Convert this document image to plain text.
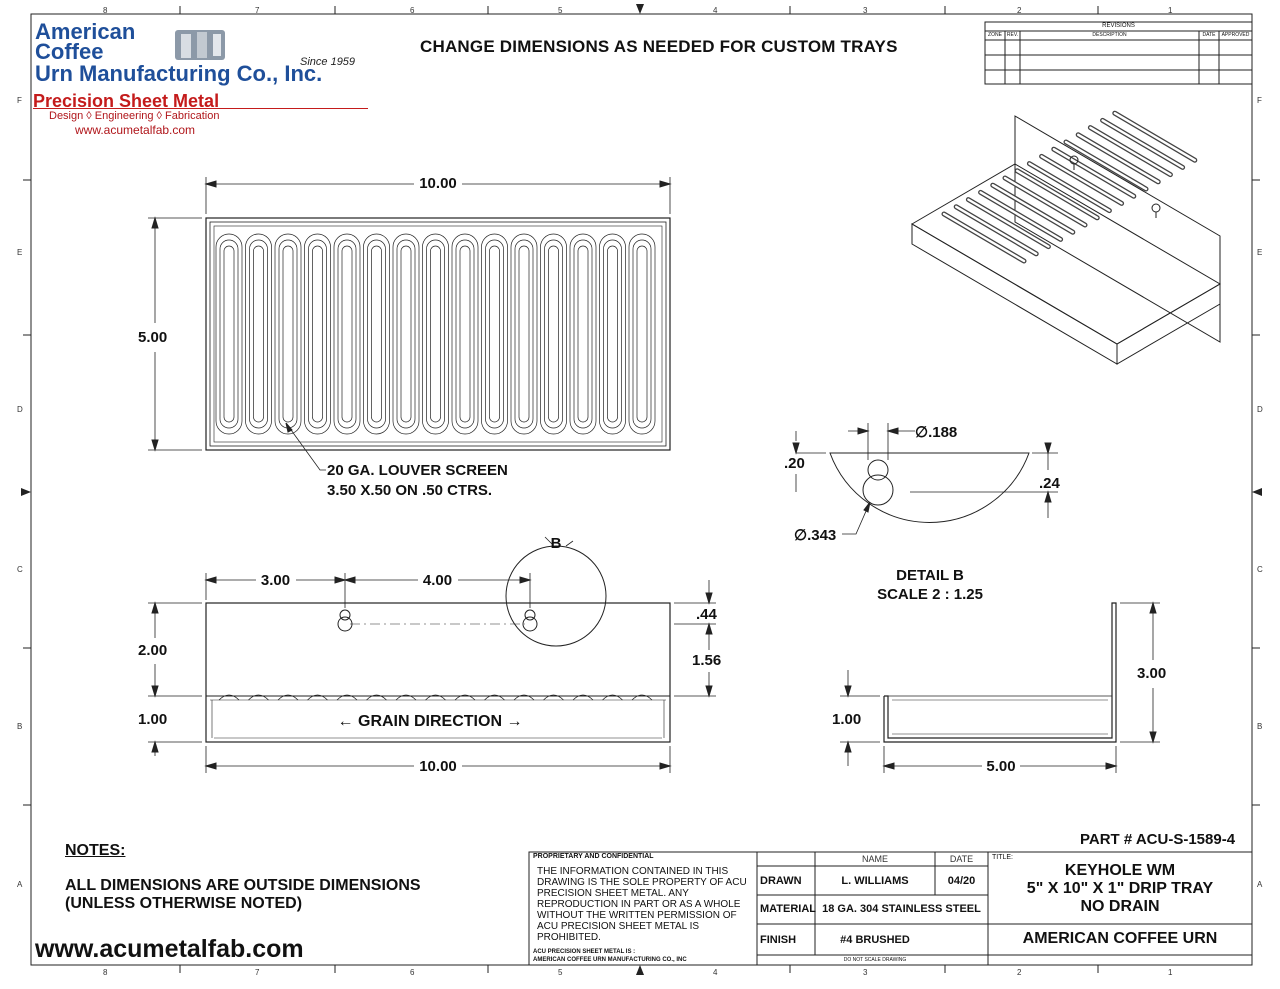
American
Coffee
Urn Manufacturing Co., Inc.
Since 1959
Precision Sheet Metal
Design ◊ Engineering ◊ Fabrication
www.acumetalfab.com
CHANGE DIMENSIONS AS NEEDED FOR CUSTOM TRAYS
8	7	6	5	4	3	2	1
8	7	6	5	4	3	2	1
F
E
D
C
B
A
F
E
D
C
B
A
REVISIONS
ZONE REV.	DESCRIPTION	DATE	APPROVED
10.00
5.00
20 GA. LOUVER SCREEN
3.50 X.50 ON .50 CTRS.
∅.188
.20
.24
∅.343
DETAIL B
SCALE 2 : 1.25
B
3.00	4.00
.44
1.56
2.00
1.00	← GRAIN DIRECTION →
10.00
3.00
1.00
5.00
NOTES:
ALL DIMENSIONS ARE OUTSIDE DIMENSIONS
(UNLESS OTHERWISE NOTED)
www.acumetalfab.com
PART # ACU-S-1589-4
PROPRIETARY AND CONFIDENTIAL
THE INFORMATION CONTAINED IN THIS DRAWING IS THE SOLE PROPERTY OF ACU PRECISION SHEET METAL. ANY REPRODUCTION IN PART OR AS A WHOLE WITHOUT THE WRITTEN PERMISSION OF ACU PRECISION SHEET METAL IS PROHIBITED.
ACU PRECISION SHEET METAL IS :
AMERICAN COFFEE URN MANUFACTURING CO., INC
NAME	DATE
DRAWN	L. WILLIAMS	04/20
MATERIAL 18 GA. 304 STAINLESS STEEL
FINISH	#4 BRUSHED
DO NOT SCALE DRAWING
TITLE:
KEYHOLE WM
5" X 10" X 1" DRIP TRAY
NO DRAIN
AMERICAN COFFEE URN
